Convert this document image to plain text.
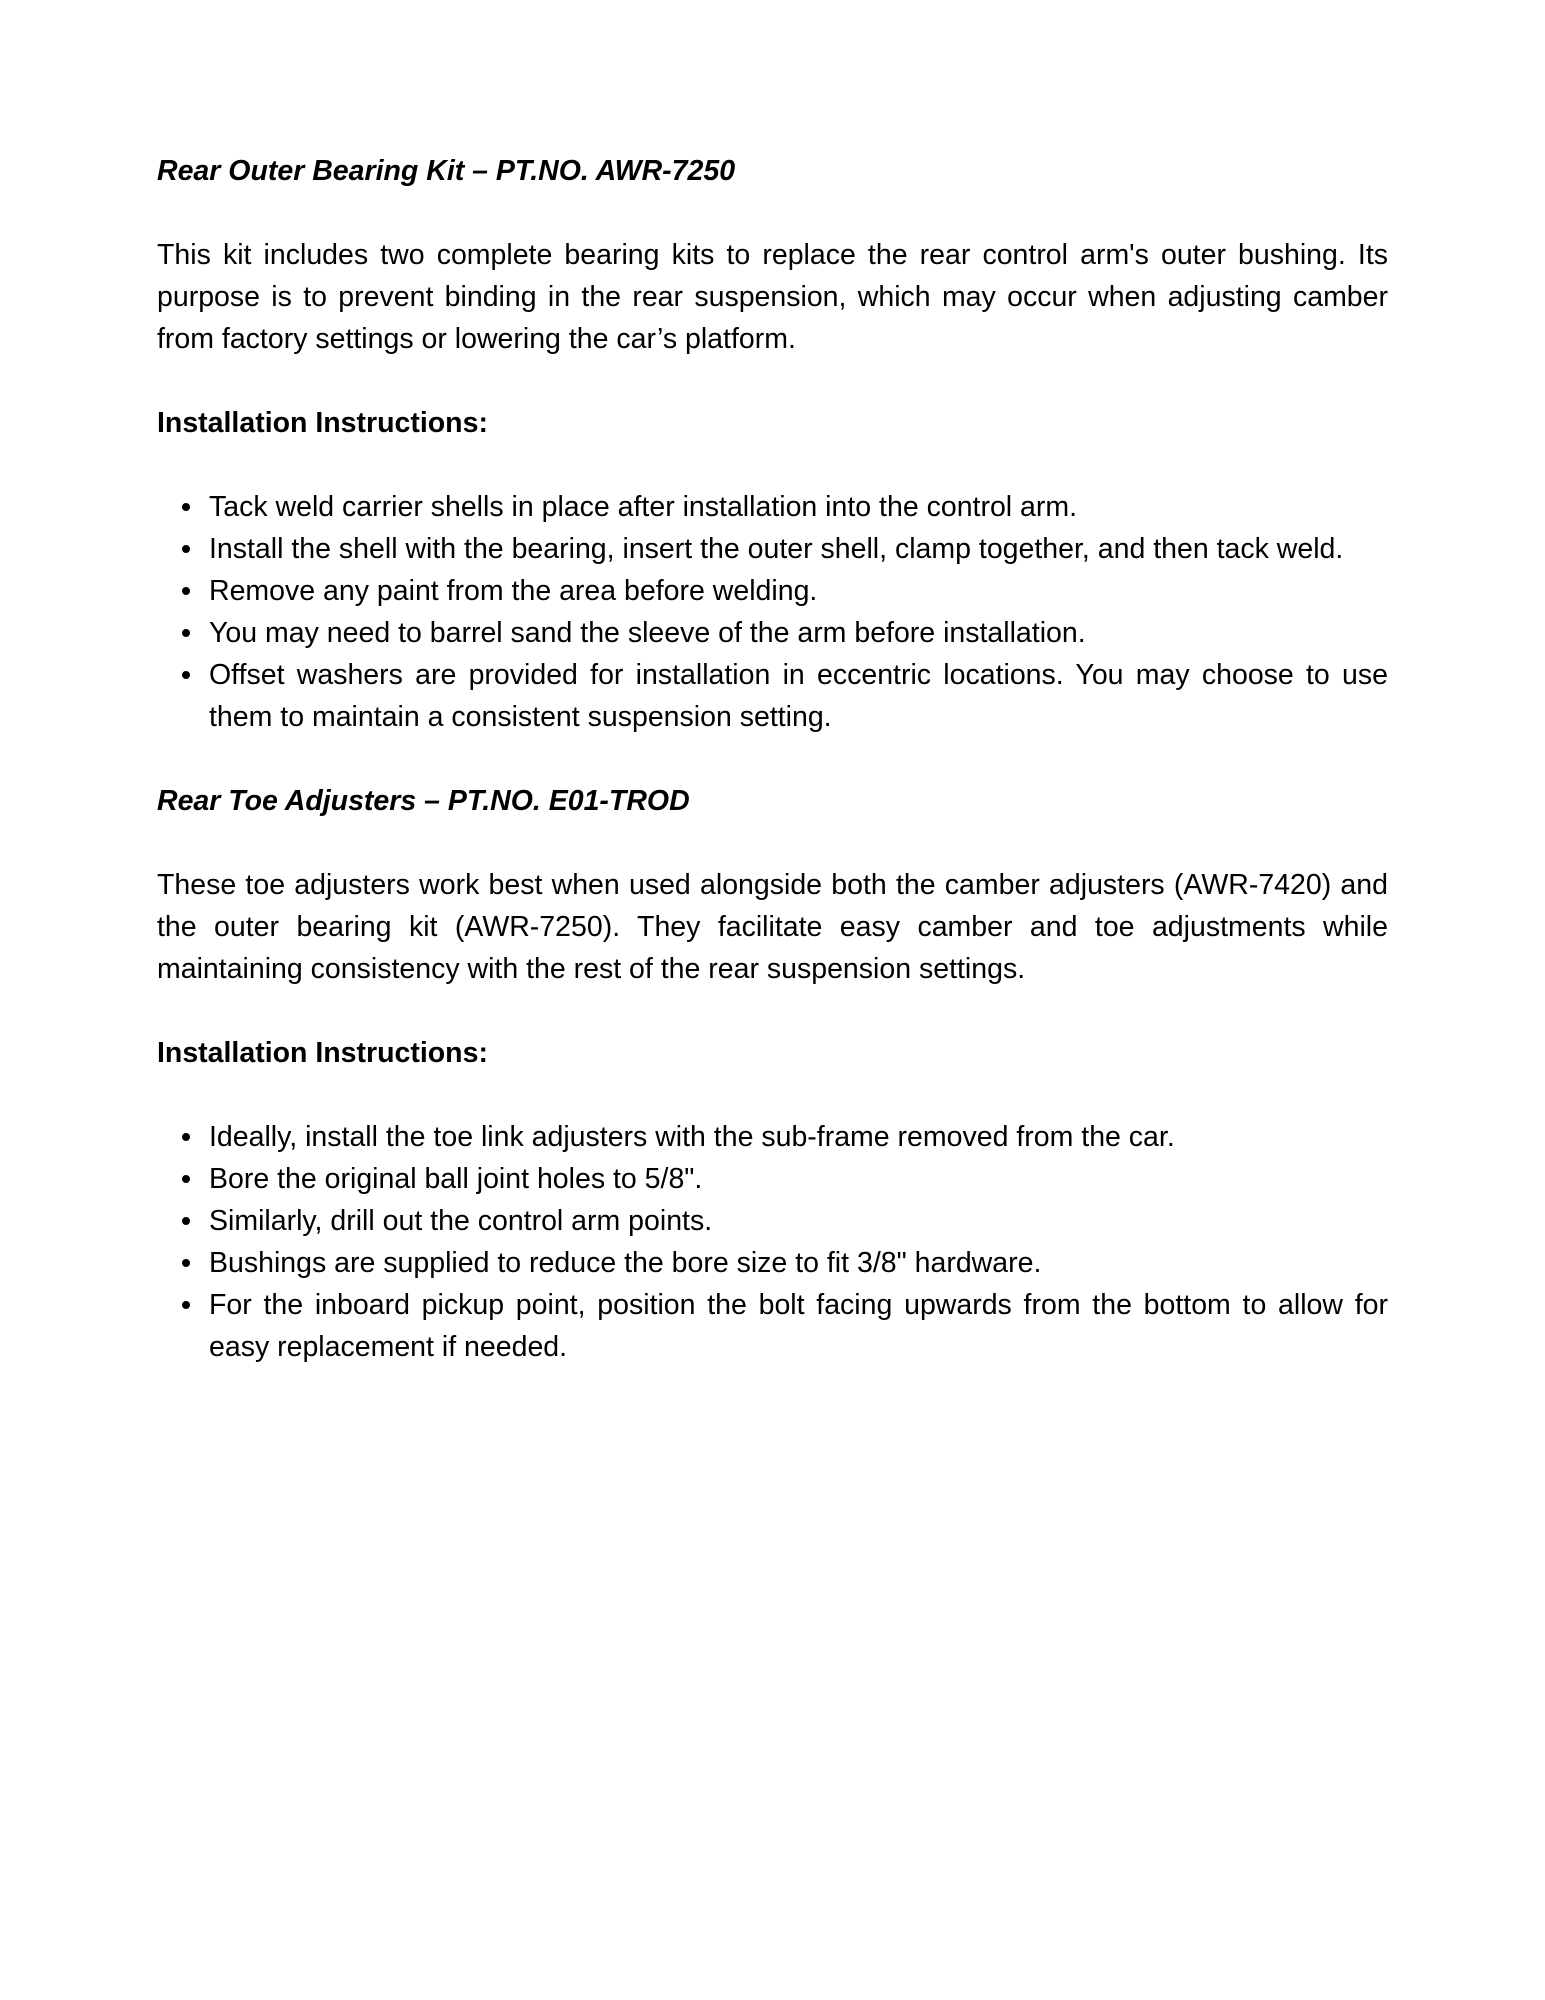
Rear Outer Bearing Kit – PT.NO. AWR-7250

This kit includes two complete bearing kits to replace the rear control arm's outer bushing. Its purpose is to prevent binding in the rear suspension, which may occur when adjusting camber from factory settings or lowering the car’s platform.

Installation Instructions:

Tack weld carrier shells in place after installation into the control arm.
Install the shell with the bearing, insert the outer shell, clamp together, and then tack weld.
Remove any paint from the area before welding.
You may need to barrel sand the sleeve of the arm before installation.
Offset washers are provided for installation in eccentric locations. You may choose to use them to maintain a consistent suspension setting.

Rear Toe Adjusters – PT.NO. E01-TROD

These toe adjusters work best when used alongside both the camber adjusters (AWR-7420) and the outer bearing kit (AWR-7250). They facilitate easy camber and toe adjustments while maintaining consistency with the rest of the rear suspension settings.

Installation Instructions:

Ideally, install the toe link adjusters with the sub-frame removed from the car.
Bore the original ball joint holes to 5/8".
Similarly, drill out the control arm points.
Bushings are supplied to reduce the bore size to fit 3/8" hardware.
For the inboard pickup point, position the bolt facing upwards from the bottom to allow for easy replacement if needed.
